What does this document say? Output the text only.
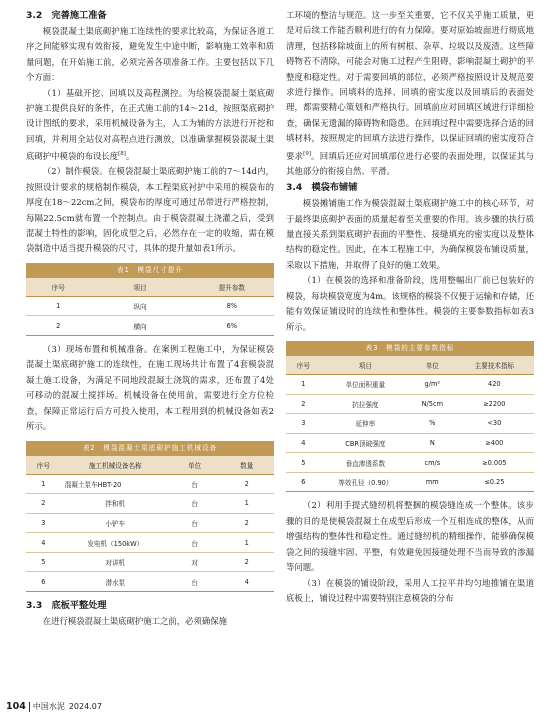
3.2　完善施工准备

模袋混凝土渠底砌护施工连续性的要求比较高，为保证各道工序之间能够实现有效衔接，避免发生中途中断，影响施工效率和质量问题，在开始施工前，必须完善各项准备工作。主要包括以下几个方面：

（1）基础开挖、回填以及高程测控。为给模袋混凝土渠底砌护施工提供良好的条件，在正式施工前的14～21d，按照渠底砌护设计图纸的要求，采用机械设备为主，人工为辅的方法进行开挖和回填，并利用全站仪对高程点进行测放，以准确掌握模袋混凝土渠底砌护中模袋的布设长度[8]。

（2）制作模袋。在模袋混凝土渠底砌护施工前的7～14d内，按照设计要求的规格制作模袋，本工程渠底衬护中采用的模袋布的厚度在18～22cm之间，模袋布的厚度可通过吊带进行严格控制，每隔22.5cm就布置一个控制点。由于模袋混凝土浇灌之后，受到混凝土特性的影响，固化成型之后，必然存在一定的收缩，需在模袋制造中适当提升模袋的尺寸，具体的提升量如表1所示。

表1　模袋尺寸提升
序号	项目	提升参数
1	纵向	8%
2	横向	6%

（3）现场布置和机械准备。在案例工程施工中，为保证模袋混凝土渠底砌护施工的连续性，在施工现场共计布置了4套模袋混凝土施工设备，为满足不同地段混凝土浇筑的需求，还布置了4处可移动的混凝土搅拌场。机械设备在使用前，需要进行全方位检查，保障正常运行后方可投入使用，本工程用到的机械设备如表2所示。

表2　模袋混凝土渠底砌护施工机械设备
序号	施工机械设备名称	单位	数量
1	混凝土泵车HBT-20	台	2
2	拌和机	台	1
3	小铲车	台	2
4	发电机（150kW）	台	1
5	对讲机	对	2
6	潜水泵	台	4
3.3　底板平整处理

在进行模袋混凝土渠底砌护施工之前，必须确保施

工环境的整洁与规范。这一步至关重要，它不仅关乎施工质量，更是对后续工作能否顺利进行的有力保障。要对原始坡面进行彻底地清理，包括移除坡面上的所有树根、杂草、垃圾以及废渣。这些障碍物若不清除，可能会对施工过程产生阻碍，影响混凝土砌护的平整度和稳定性。对于需要回填的部位，必须严格按照设计及规范要求进行操作。回填料的选择、回填的密实度以及回填后的表面处理，都需要精心策划和严格执行。回填前应对回填区域进行详细检查，确保无遗漏的障碍物和隐患。在回填过程中需要选择合适的回填材料，按照规定的回填方法进行操作，以保证回填的密实度符合要求[9]。回填后还应对回填部位进行必要的表面处理，以保证其与其他部分的衔接自然、平滑。

3.4　模袋布铺铺

模袋摊铺施工作为模袋混凝土渠底砌护施工中的核心环节，对于最终渠底砌护表面的质量起着至关重要的作用。该步骤的执行质量直接关系到渠底砌护表面的平整性、接缝填充的密实度以及整体结构的稳定性。因此，在本工程施工中，为确保模袋布铺设质量，采取以下措施，并取得了良好的施工效果。

（1）在模袋的选择和准备阶段，选用整幅出厂前已包装好的模袋，每块模袋宽度为4m。该规格的模袋不仅便于运输和存储，还能有效保证铺设时的连续性和整体性。模袋的主要参数指标如表3所示。

表3　模袋的主要参数指标
序号	项目	单位	主要技术指标
1	单位面积重量	g/m²	420
2	抗拉强度	N/5cm	≥2200
3	延伸率	%	<30
4	CBR顶破强度	N	≥400
5	垂直渗透系数	cm/s	≥0.005
6	等效孔径（0.90）	mm	≤0.25

（2）利用手提式缝纫机将整捆的模袋缝连成一个整体。该步骤的目的是使模袋混凝土在成型后形成一个互相连成的整体，从而增强结构的整体性和稳定性。通过缝纫机的精细操作，能够确保模袋之间的接缝牢固、平整，有效避免因接缝处理不当而导致的渗漏等问题。

（3）在模袋的铺设阶段，采用人工拉平并均匀地推铺在渠道底板上，铺设过程中需要特别注意模袋的分布

104 中国水泥 2024.07
